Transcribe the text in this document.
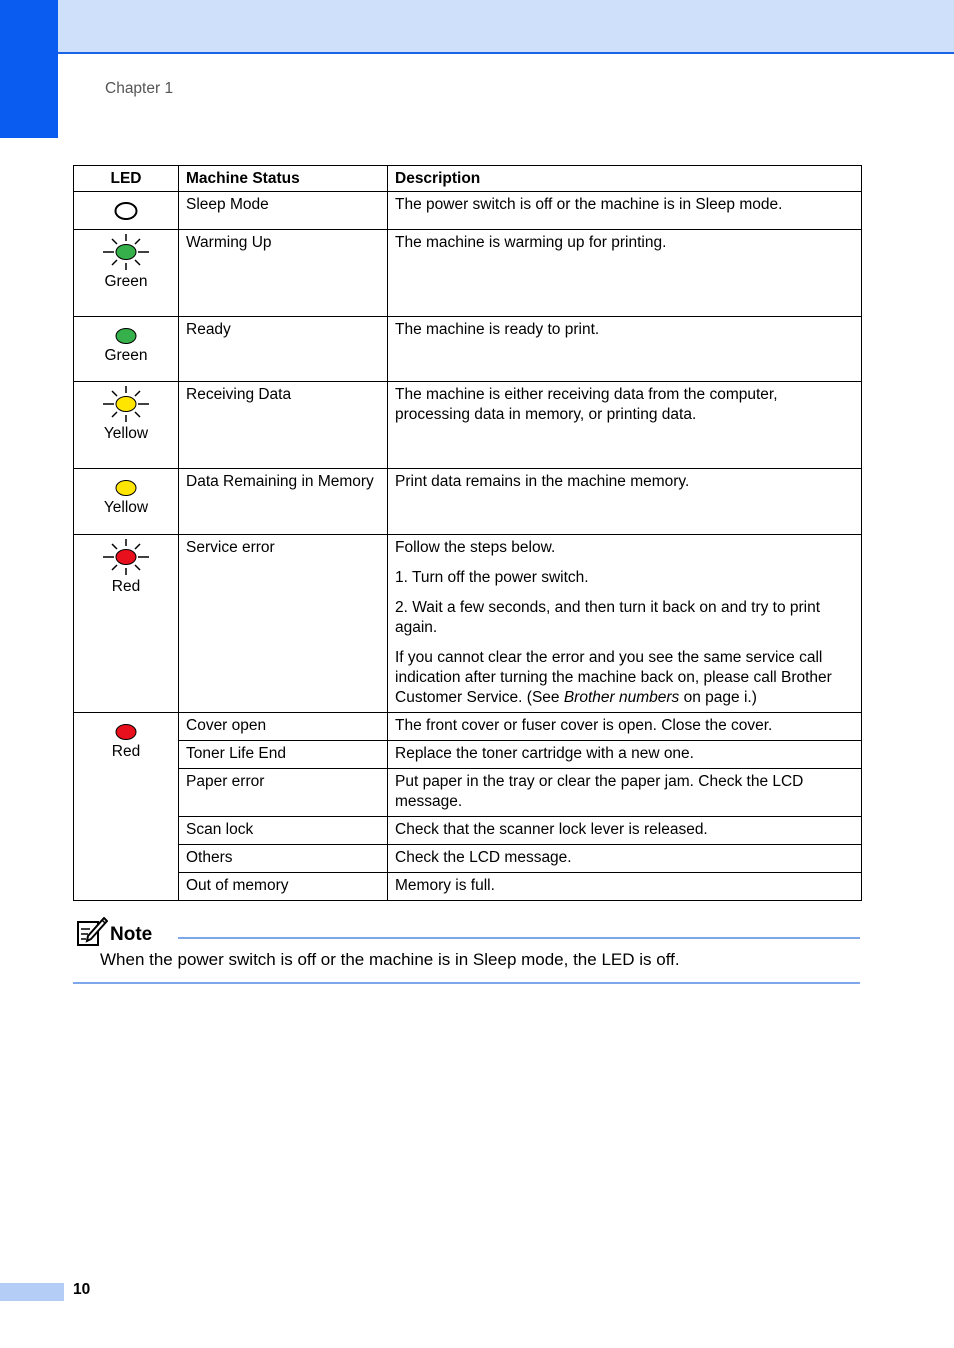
Chapter 1
LED	Machine Status	Description

	Sleep Mode	The power switch is off or the machine is in Sleep mode.

Green	Warming Up	The machine is warming up for printing.

Green	Ready	The machine is ready to print.

Yellow	Receiving Data	The machine is either receiving data from the computer, processing data in memory, or printing data.

Yellow	Data Remaining in Memory	Print data remains in the machine memory.

Red	Service error	Follow the steps below.

1. Turn off the power switch.

2. Wait a few seconds, and then turn it back on and try to print again.

If you cannot clear the error and you see the same service call indication after turning the machine back on, please call Brother Customer Service. (See Brother numbers on page i.)

Red	Cover open	The front cover or fuser cover is open. Close the cover.
	Toner Life End	Replace the toner cartridge with a new one.
	Paper error	Put paper in the tray or clear the paper jam. Check the LCD message.
	Scan lock	Check that the scanner lock lever is released.
	Others	Check the LCD message.
	Out of memory	Memory is full.
Note
When the power switch is off or the machine is in Sleep mode, the LED is off.
10
